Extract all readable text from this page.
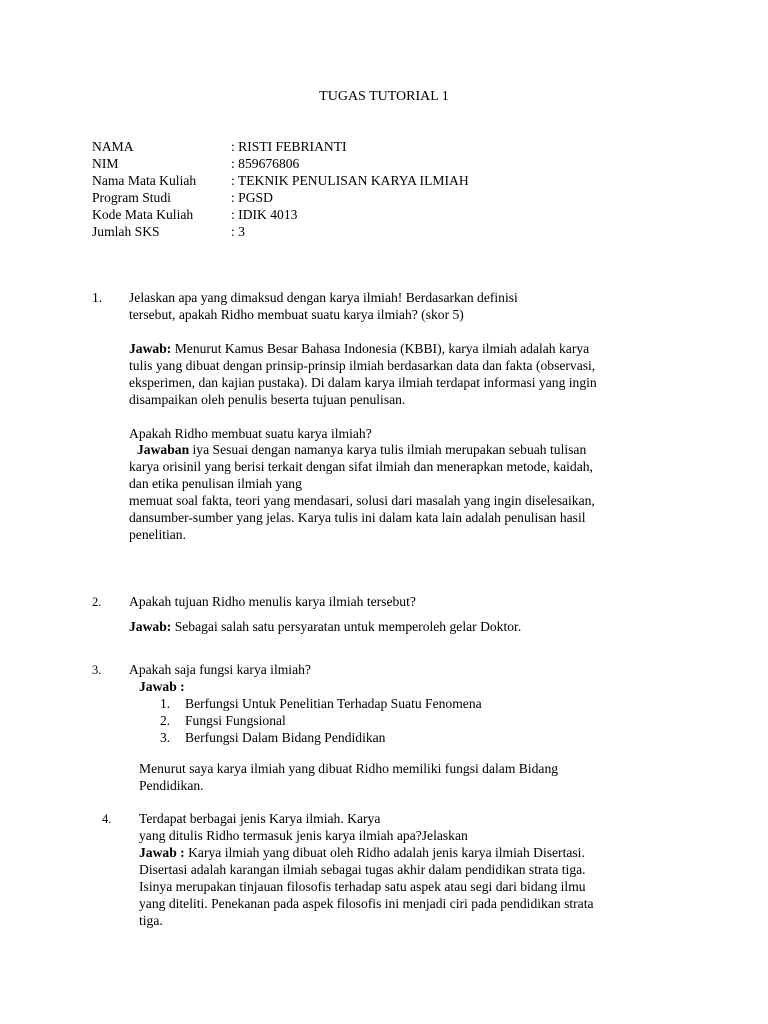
TUGAS TUTORIAL 1
NAMA	: RISTI FEBRIANTI
NIM	: 859676806
Nama Mata Kuliah	: TEKNIK PENULISAN KARYA ILMIAH
Program Studi	: PGSD
Kode Mata Kuliah	: IDIK 4013
Jumlah SKS	: 3
1. Jelaskan apa yang dimaksud dengan karya ilmiah! Berdasarkan definisi
tersebut, apakah Ridho membuat suatu karya ilmiah? (skor 5)
Jawab: Menurut Kamus Besar Bahasa Indonesia (KBBI), karya ilmiah adalah karya
tulis yang dibuat dengan prinsip-prinsip ilmiah berdasarkan data dan fakta (observasi,
eksperimen, dan kajian pustaka). Di dalam karya ilmiah terdapat informasi yang ingin
disampaikan oleh penulis beserta tujuan penulisan.
Apakah Ridho membuat suatu karya ilmiah?
Jawaban iya Sesuai dengan namanya karya tulis ilmiah merupakan sebuah tulisan
karya orisinil yang berisi terkait dengan sifat ilmiah dan menerapkan metode, kaidah,
dan etika penulisan ilmiah yang
memuat soal fakta, teori yang mendasari, solusi dari masalah yang ingin diselesaikan,
dansumber-sumber yang jelas. Karya tulis ini dalam kata lain adalah penulisan hasil
penelitian.
2. Apakah tujuan Ridho menulis karya ilmiah tersebut?
Jawab: Sebagai salah satu persyaratan untuk memperoleh gelar Doktor.
3. Apakah saja fungsi karya ilmiah?
Jawab :
1. Berfungsi Untuk Penelitian Terhadap Suatu Fenomena
2. Fungsi Fungsional
3. Berfungsi Dalam Bidang Pendidikan
Menurut saya karya ilmiah yang dibuat Ridho memiliki fungsi dalam Bidang
Pendidikan.
4. Terdapat berbagai jenis Karya ilmiah. Karya
yang ditulis Ridho termasuk jenis karya ilmiah apa?Jelaskan
Jawab : Karya ilmiah yang dibuat oleh Ridho adalah jenis karya ilmiah Disertasi.
Disertasi adalah karangan ilmiah sebagai tugas akhir dalam pendidikan strata tiga.
Isinya merupakan tinjauan filosofis terhadap satu aspek atau segi dari bidang ilmu
yang diteliti. Penekanan pada aspek filosofis ini menjadi ciri pada pendidikan strata
tiga.
